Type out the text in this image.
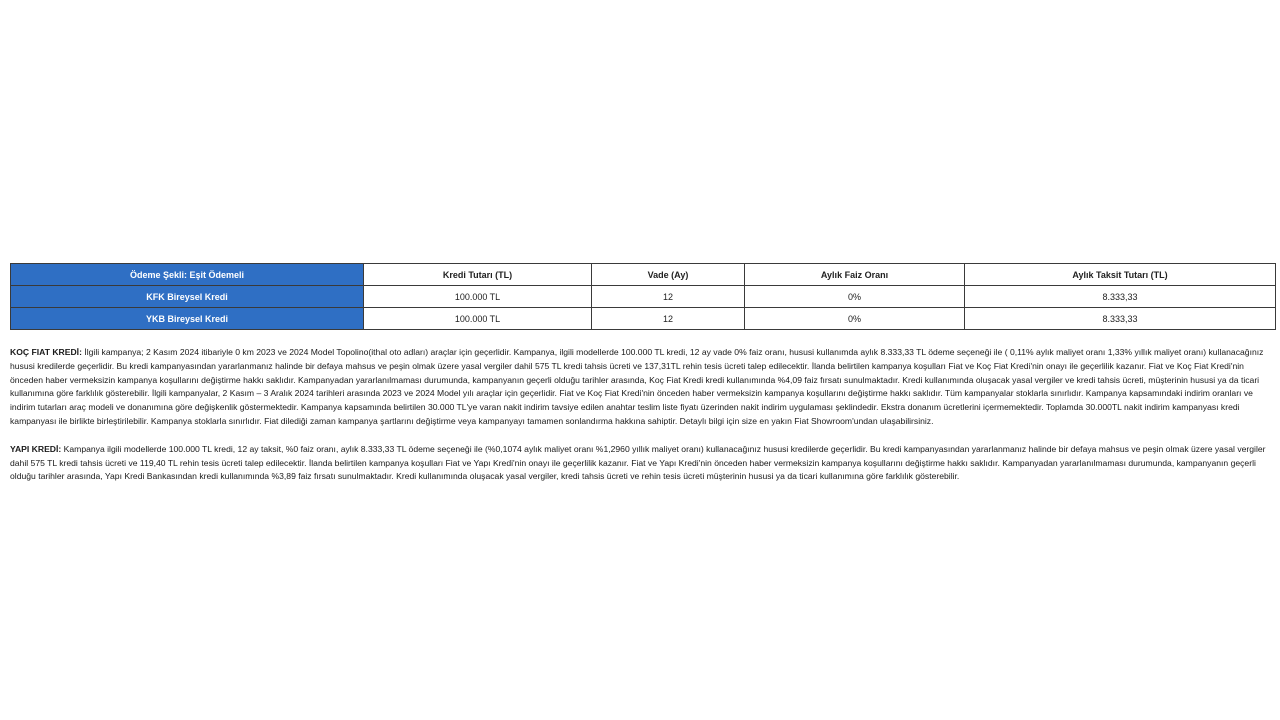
Ödeme Şekli: Eşit Ödemeli	Kredi Tutarı (TL)	Vade (Ay)	Aylık Faiz Oranı	Aylık Taksit Tutarı (TL)
KFK Bireysel Kredi	100.000 TL	12	0%	8.333,33
YKB Bireysel Kredi	100.000 TL	12	0%	8.333,33

KOÇ FIAT KREDİ: İlgili kampanya; 2 Kasım 2024 itibariyle 0 km 2023 ve 2024 Model Topolino(ithal oto adları) araçlar için geçerlidir. Kampanya, ilgili modellerde 100.000 TL kredi, 12 ay vade 0% faiz oranı, hususi kullanımda aylık 8.333,33 TL ödeme seçeneği ile ( 0,11% aylık maliyet oranı 1,33% yıllık maliyet oranı) kullanacağınız hususi kredilerde geçerlidir. Bu kredi kampanyasından yararlanmanız halinde bir defaya mahsus ve peşin olmak üzere yasal vergiler dahil 575 TL kredi tahsis ücreti ve 137,31TL rehin tesis ücreti talep edilecektir. İlanda belirtilen kampanya koşulları Fiat ve Koç Fiat Kredi'nin onayı ile geçerlilik kazanır. Fiat ve Koç Fiat Kredi'nin önceden haber vermeksizin kampanya koşullarını değiştirme hakkı saklıdır. Kampanyadan yararlanılmaması durumunda, kampanyanın geçerli olduğu tarihler arasında, Koç Fiat Kredi kredi kullanımında %4,09 faiz fırsatı sunulmaktadır. Kredi kullanımında oluşacak yasal vergiler ve kredi tahsis ücreti, müşterinin hususi ya da ticari kullanımına göre farklılık gösterebilir. İlgili kampanyalar, 2 Kasım – 3 Aralık 2024 tarihleri arasında 2023 ve 2024 Model yılı araçlar için geçerlidir. Fiat ve Koç Fiat Kredi'nin önceden haber vermeksizin kampanya koşullarını değiştirme hakkı saklıdır. Tüm kampanyalar stoklarla sınırlıdır. Kampanya kapsamındaki indirim oranları ve indirim tutarları araç modeli ve donanımına göre değişkenlik göstermektedir. Kampanya kapsamında belirtilen 30.000 TL'ye varan nakit indirim tavsiye edilen anahtar teslim liste fiyatı üzerinden nakit indirim uygulaması şeklindedir. Ekstra donanım ücretlerini içermemektedir. Toplamda 30.000TL nakit indirim kampanyası kredi kampanyası ile birlikte birleştirilebilir. Kampanya stoklarla sınırlıdır. Fiat dilediği zaman kampanya şartlarını değiştirme veya kampanyayı tamamen sonlandırma hakkına sahiptir. Detaylı bilgi için size en yakın Fiat Showroom'undan ulaşabilirsiniz.

YAPI KREDİ: Kampanya ilgili modellerde 100.000 TL kredi, 12 ay taksit, %0 faiz oranı, aylık 8.333,33 TL ödeme seçeneği ile (%0,1074 aylık maliyet oranı %1,2960 yıllık maliyet oranı) kullanacağınız hususi kredilerde geçerlidir. Bu kredi kampanyasından yararlanmanız halinde bir defaya mahsus ve peşin olmak üzere yasal vergiler dahil 575 TL kredi tahsis ücreti ve 119,40 TL rehin tesis ücreti talep edilecektir. İlanda belirtilen kampanya koşulları Fiat ve Yapı Kredi'nin onayı ile geçerlilik kazanır. Fiat ve Yapı Kredi'nin önceden haber vermeksizin kampanya koşullarını değiştirme hakkı saklıdır. Kampanyadan yararlanılmaması durumunda, kampanyanın geçerli olduğu tarihler arasında, Yapı Kredi Bankasından kredi kullanımında %3,89 faiz fırsatı sunulmaktadır. Kredi kullanımında oluşacak yasal vergiler, kredi tahsis ücreti ve rehin tesis ücreti müşterinin hususi ya da ticari kullanımına göre farklılık gösterebilir.
